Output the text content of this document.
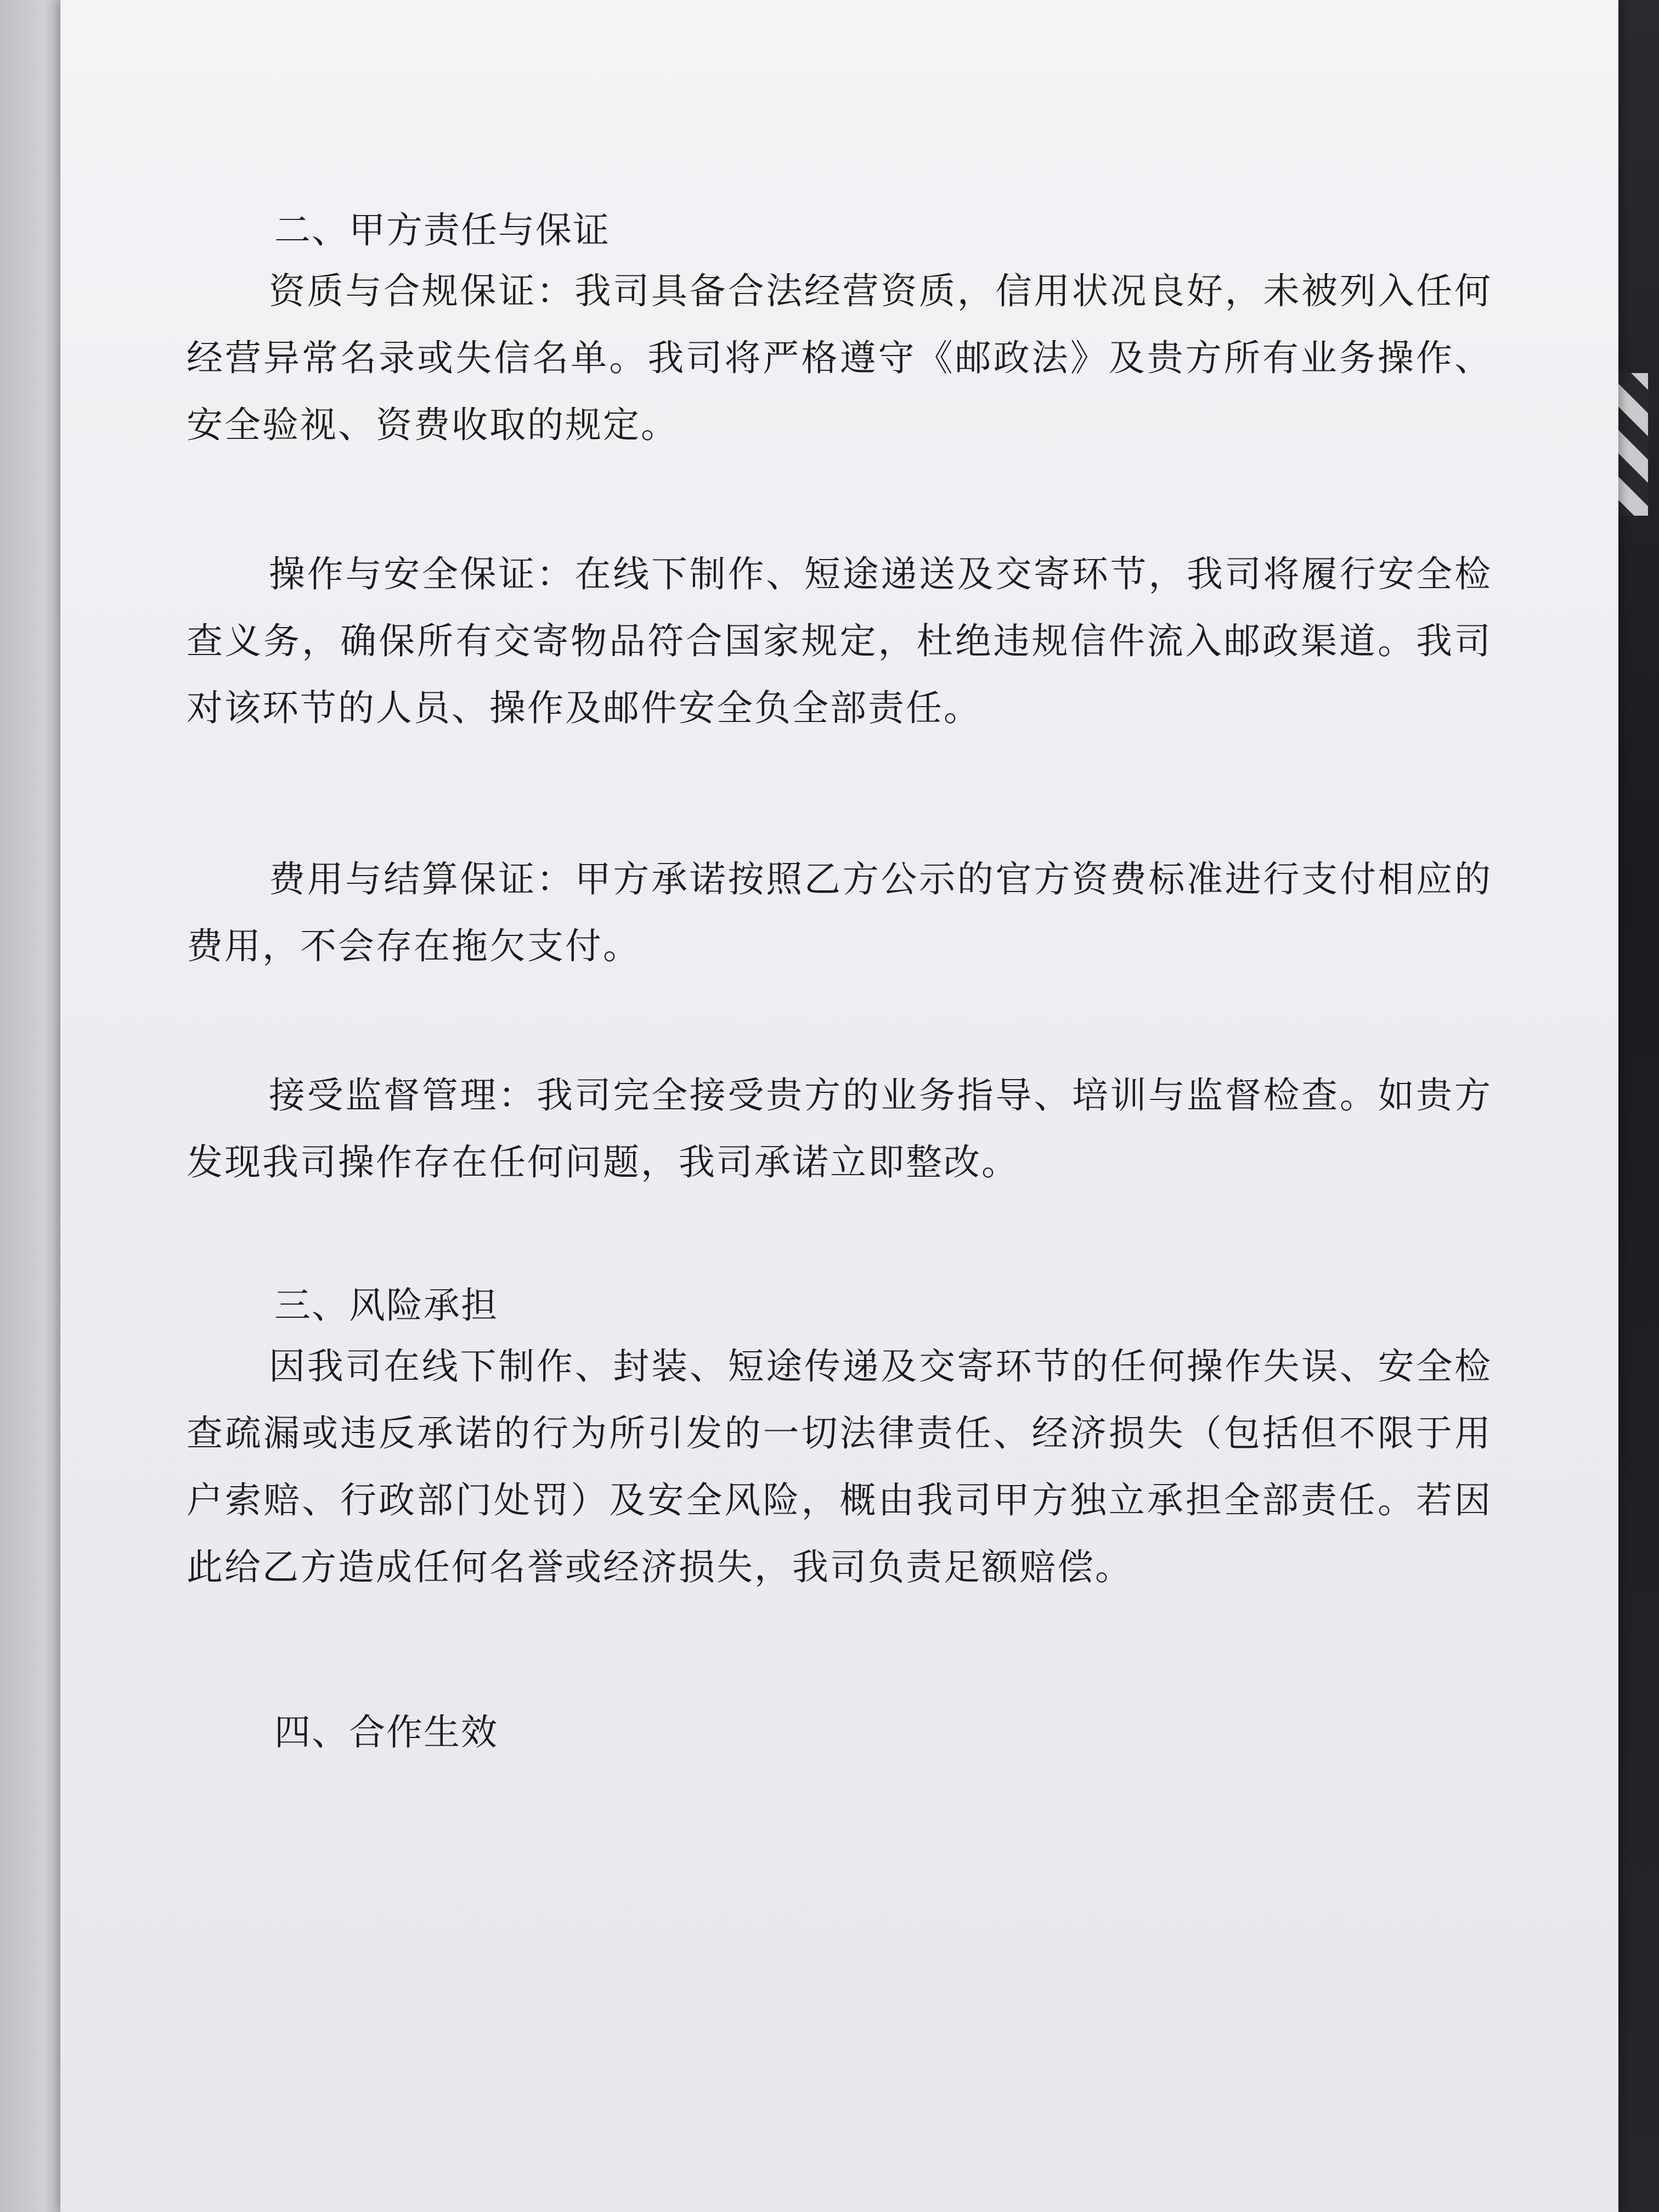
二、甲方责任与保证

资质与合规保证：我司具备合法经营资质，信用状况良好，未被列入任何经营异常名录或失信名单。我司将严格遵守《邮政法》及贵方所有业务操作、安全验视、资费收取的规定。

操作与安全保证：在线下制作、短途递送及交寄环节，我司将履行安全检查义务，确保所有交寄物品符合国家规定，杜绝违规信件流入邮政渠道。我司对该环节的人员、操作及邮件安全负全部责任。

费用与结算保证：甲方承诺按照乙方公示的官方资费标准进行支付相应的费用，不会存在拖欠支付。

接受监督管理：我司完全接受贵方的业务指导、培训与监督检查。如贵方发现我司操作存在任何问题，我司承诺立即整改。

三、风险承担

因我司在线下制作、封装、短途传递及交寄环节的任何操作失误、安全检查疏漏或违反承诺的行为所引发的一切法律责任、经济损失（包括但不限于用户索赔、行政部门处罚）及安全风险，概由我司甲方独立承担全部责任。若因此给乙方造成任何名誉或经济损失，我司负责足额赔偿。

四、合作生效
